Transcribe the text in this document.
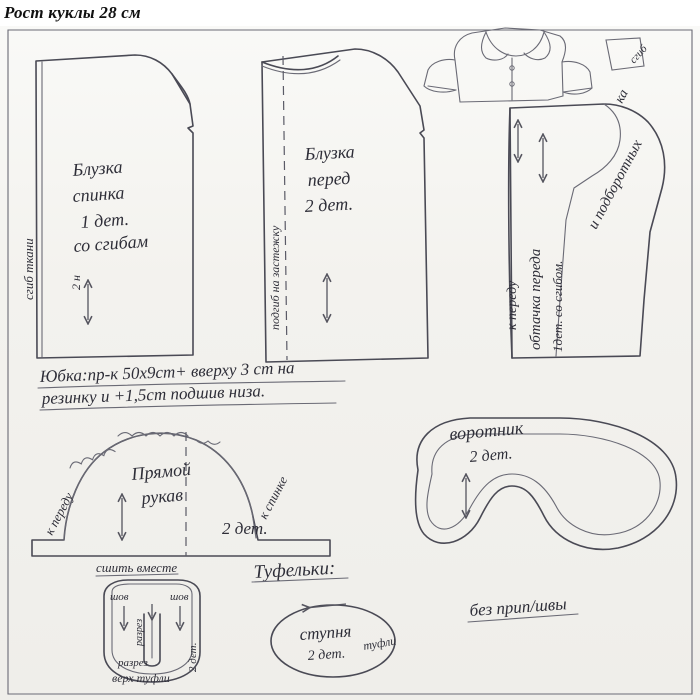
сгиб ткани	2 н
Блузка
спинка
1 дет.
со сгибам	подгиб на застежку
Блузка
перед
2 дет.
сгиб
к переду обтачка переда 1дет. со сгибом.
и подборотных
ка
Юбка:пр-к 50х9ст+ вверху 3 ст на
резинку и +1,5ст подшив низа.
к переду
Прямой
рукав	к спинке
2 дет.
воротник
2 дет.
сшить вместе	Туфельки:
без прип/швы
шов	шов
разрез
2 дет.
разрез
верх туфли
ступня
2 дет.
туфли
Рост куклы 28 см
